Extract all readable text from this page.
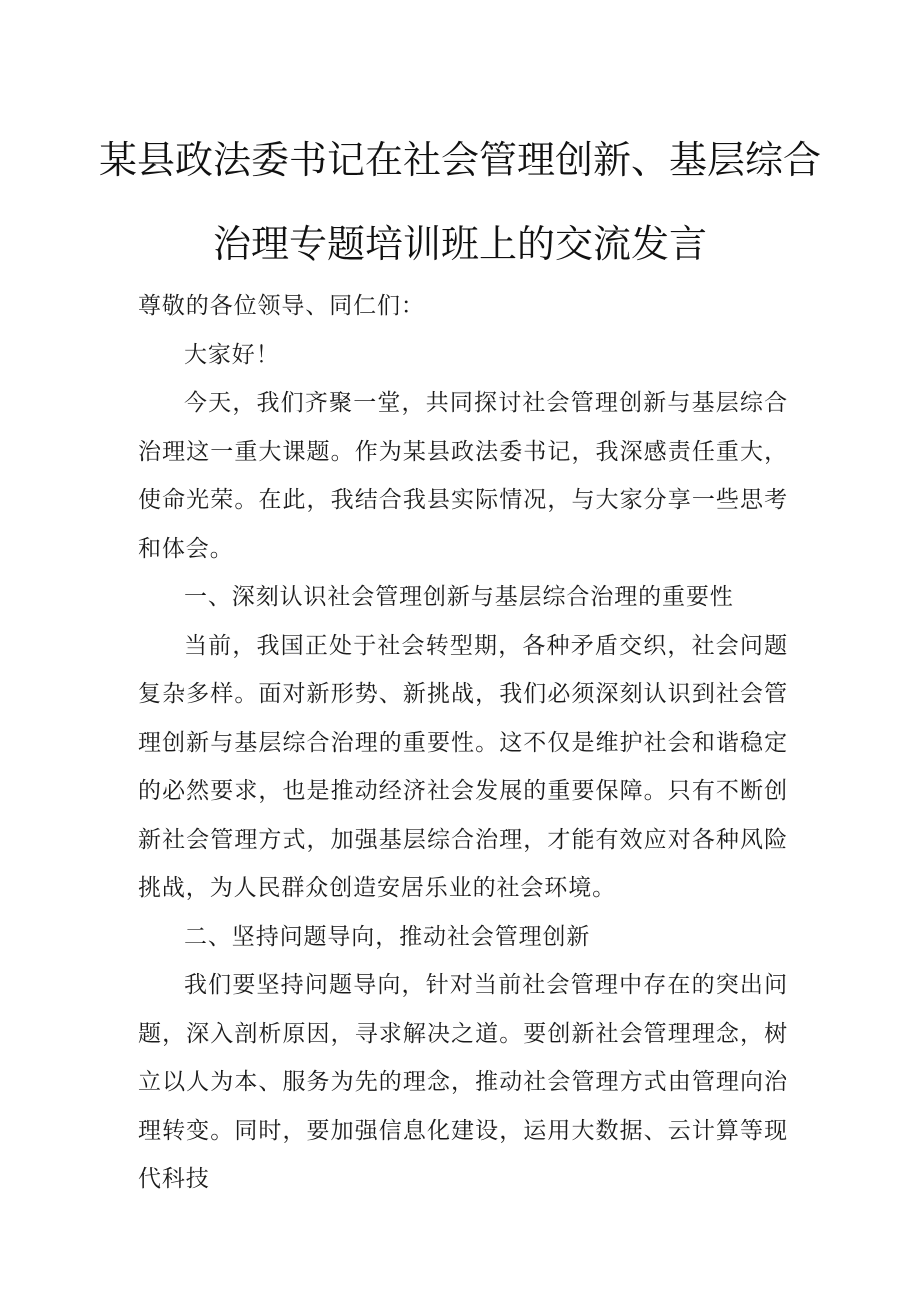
某县政法委书记在社会管理创新、基层综合
治理专题培训班上的交流发言

尊敬的各位领导、同仁们：

大家好！

今天，我们齐聚一堂，共同探讨社会管理创新与基层综合治理这一重大课题。作为某县政法委书记，我深感责任重大，使命光荣。在此，我结合我县实际情况，与大家分享一些思考和体会。

一、深刻认识社会管理创新与基层综合治理的重要性

当前，我国正处于社会转型期，各种矛盾交织，社会问题复杂多样。面对新形势、新挑战，我们必须深刻认识到社会管理创新与基层综合治理的重要性。这不仅是维护社会和谐稳定的必然要求，也是推动经济社会发展的重要保障。只有不断创新社会管理方式，加强基层综合治理，才能有效应对各种风险挑战，为人民群众创造安居乐业的社会环境。

二、坚持问题导向，推动社会管理创新

我们要坚持问题导向，针对当前社会管理中存在的突出问题，深入剖析原因，寻求解决之道。要创新社会管理理念，树立以人为本、服务为先的理念，推动社会管理方式由管理向治理转变。同时，要加强信息化建设，运用大数据、云计算等现代科技
